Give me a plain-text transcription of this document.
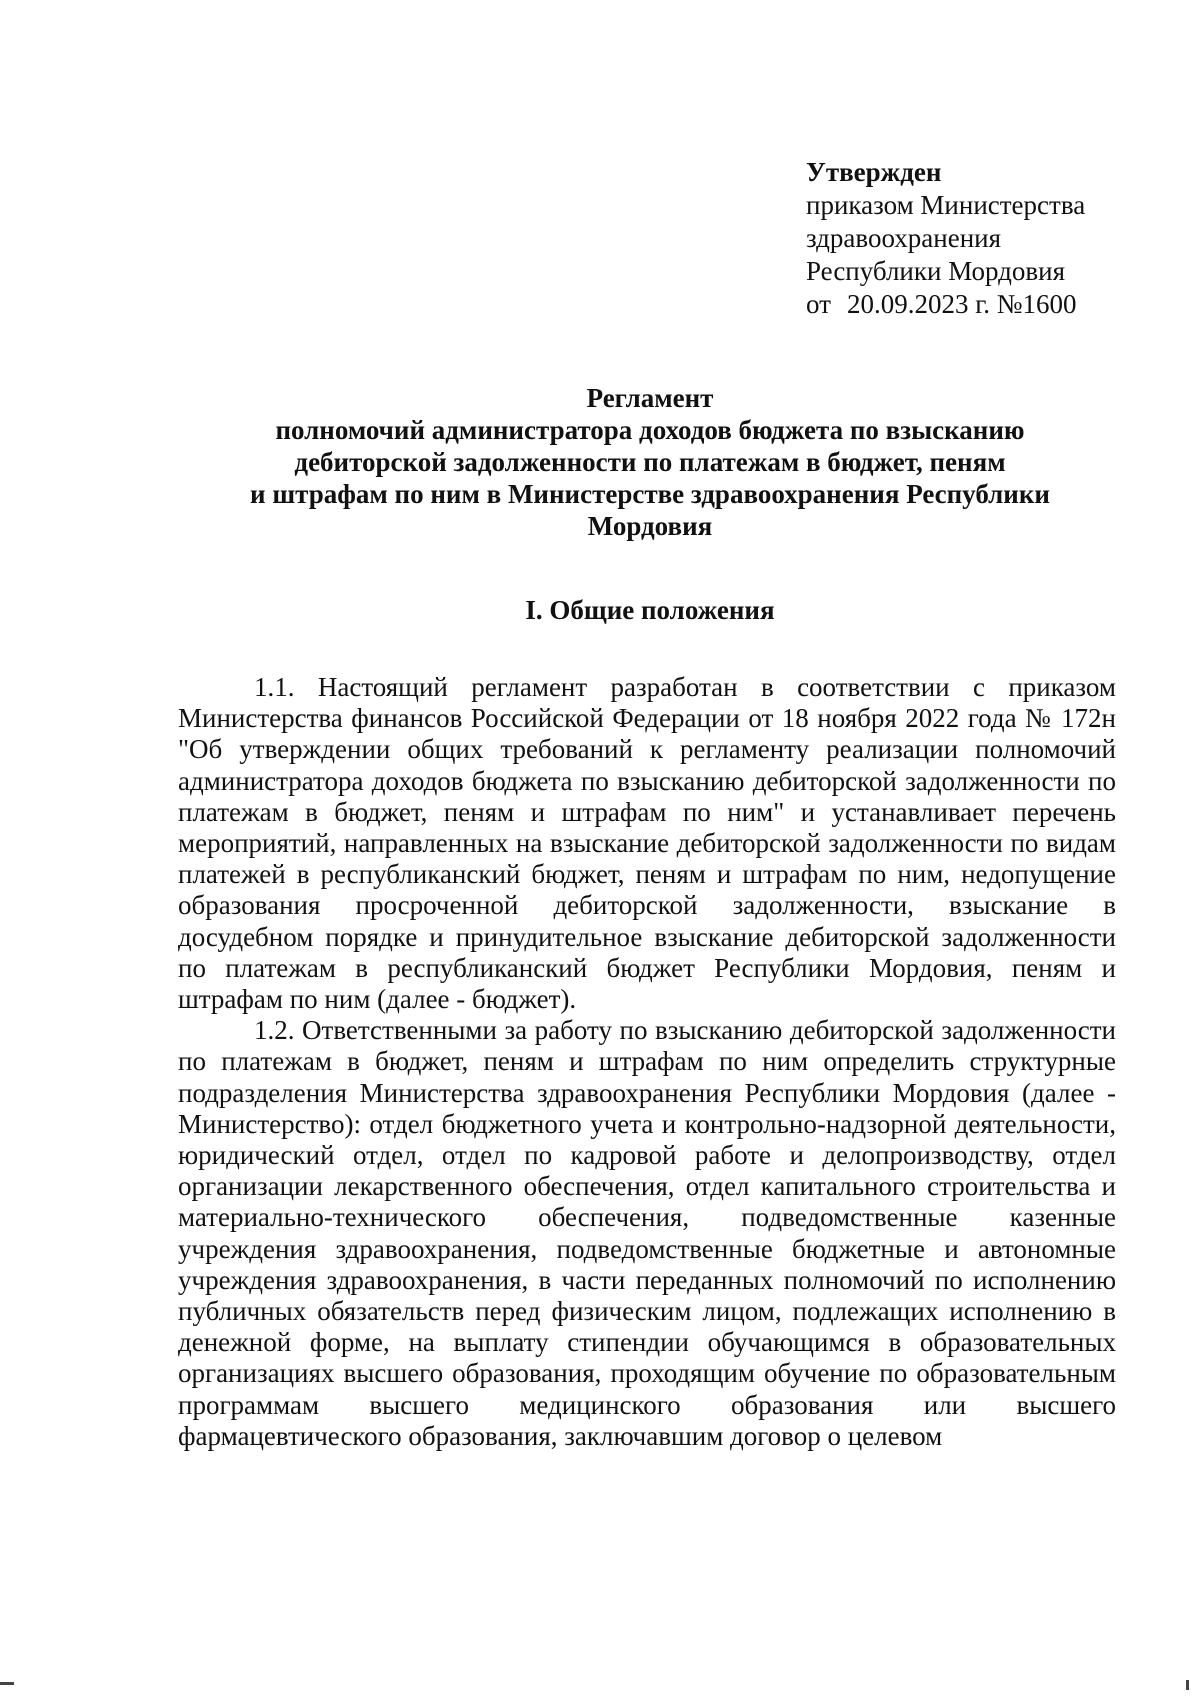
Утвержден
приказом Министерства
здравоохранения
Республики Мордовия
от 20.09.2023 г. №1600
Регламент
полномочий администратора доходов бюджета по взысканию
дебиторской задолженности по платежам в бюджет, пеням
и штрафам по ним в Министерстве здравоохранения Республики
Мордовия
I. Общие положения

1.1. Настоящий регламент разработан в соответствии с приказом Министерства финансов Российской Федерации от 18 ноября 2022 года № 172н "Об утверждении общих требований к регламенту реализации полномочий администратора доходов бюджета по взысканию дебиторской задолженности по платежам в бюджет, пеням и штрафам по ним" и устанавливает перечень мероприятий, направленных на взыскание дебиторской задолженности по видам платежей в республиканский бюджет, пеням и штрафам по ним, недопущение образования просроченной дебиторской задолженности, взыскание в досудебном порядке и принудительное взыскание дебиторской задолженности по платежам в республиканский бюджет Республики Мордовия, пеням и штрафам по ним (далее - бюджет).

1.2. Ответственными за работу по взысканию дебиторской задолженности по платежам в бюджет, пеням и штрафам по ним определить структурные подразделения Министерства здравоохранения Республики Мордовия (далее - Министерство): отдел бюджетного учета и контрольно-надзорной деятельности, юридический отдел, отдел по кадровой работе и делопроизводству, отдел организации лекарственного обеспечения, отдел капитального строительства и материально-технического обеспечения, подведомственные казенные учреждения здравоохранения, подведомственные бюджетные и автономные учреждения здравоохранения, в части переданных полномочий по исполнению публичных обязательств перед физическим лицом, подлежащих исполнению в денежной форме, на выплату стипендии обучающимся в образовательных организациях высшего образования, проходящим обучение по образовательным программам высшего медицинского образования или высшего фармацевтического образования, заключавшим договор о целевом
